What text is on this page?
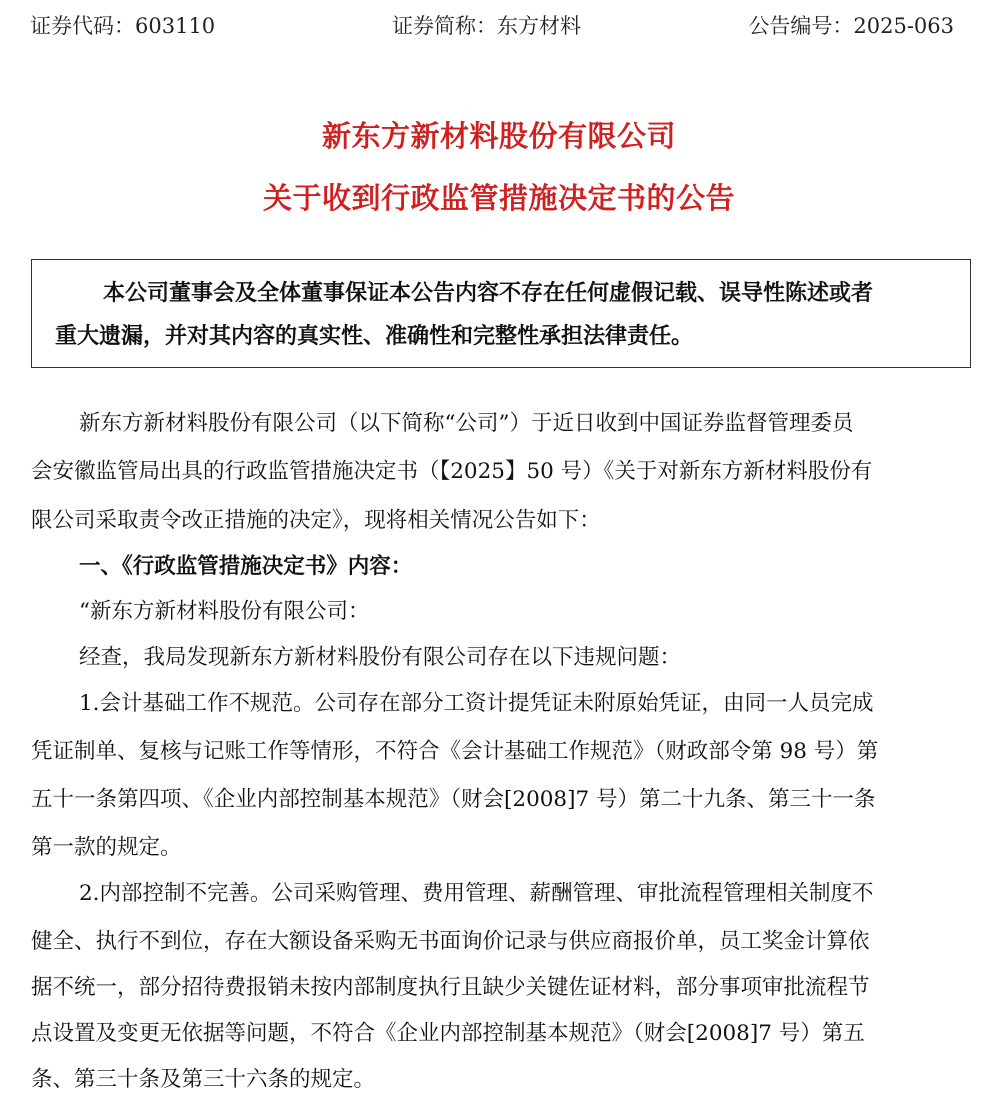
证券代码：603110	证券简称：东方材料	公告编号：2025-063
新东方新材料股份有限公司
关于收到行政监管措施决定书的公告
本公司董事会及全体董事保证本公告内容不存在任何虚假记载、误导性陈述或者
重大遗漏，并对其内容的真实性、准确性和完整性承担法律责任。
新东方新材料股份有限公司（以下简称“公司”）于近日收到中国证券监督管理委员
会安徽监管局出具的行政监管措施决定书（【2025】50 号）《关于对新东方新材料股份有
限公司采取责令改正措施的决定》，现将相关情况公告如下：
一、《行政监管措施决定书》内容：
“新东方新材料股份有限公司：
经查，我局发现新东方新材料股份有限公司存在以下违规问题：
1.会计基础工作不规范。公司存在部分工资计提凭证未附原始凭证，由同一人员完成
凭证制单、复核与记账工作等情形，不符合《会计基础工作规范》（财政部令第 98 号）第
五十一条第四项、《企业内部控制基本规范》（财会[2008]7 号）第二十九条、第三十一条
第一款的规定。
2.内部控制不完善。公司采购管理、费用管理、薪酬管理、审批流程管理相关制度不
健全、执行不到位，存在大额设备采购无书面询价记录与供应商报价单，员工奖金计算依
据不统一，部分招待费报销未按内部制度执行且缺少关键佐证材料，部分事项审批流程节
点设置及变更无依据等问题，不符合《企业内部控制基本规范》（财会[2008]7 号）第五
条、第三十条及第三十六条的规定。
